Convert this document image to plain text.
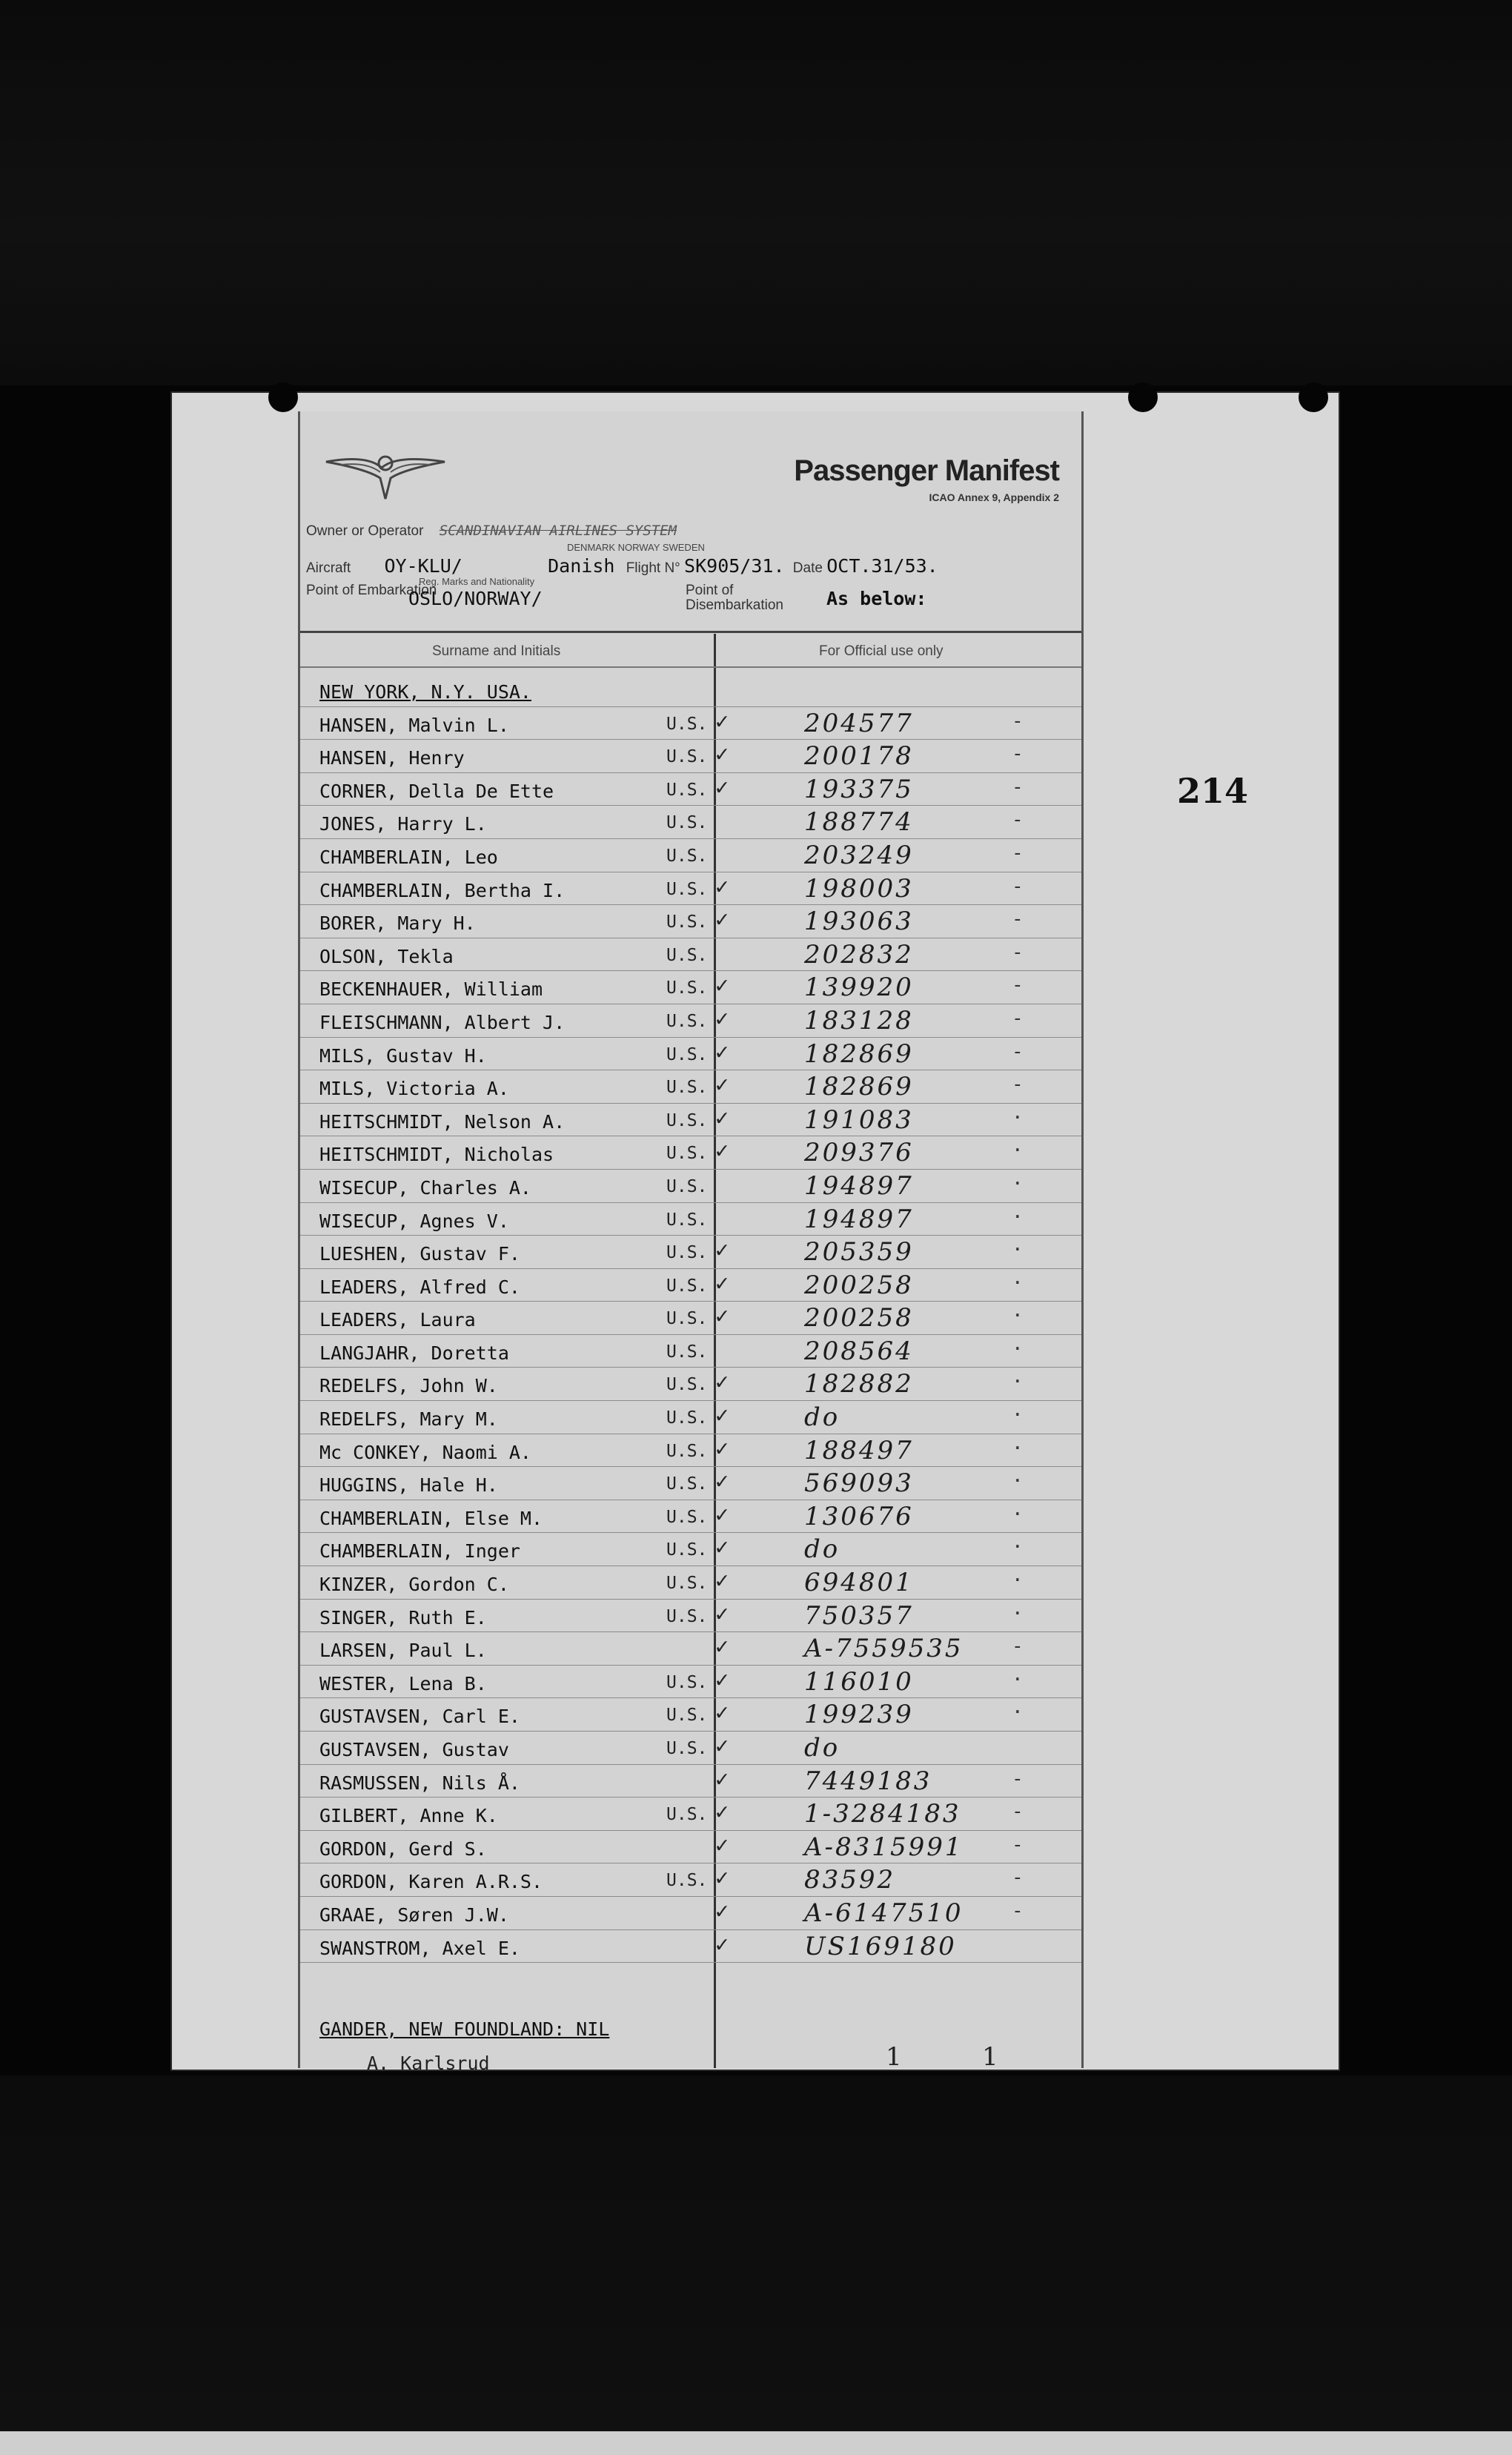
214
Passenger Manifest
ICAO Annex 9, Appendix 2
Owner or Operator SCANDINAVIAN AIRLINES SYSTEM
DENMARK NORWAY SWEDEN
Aircraft OY-KLU/	Danish Flight N° SK905/31. Date OCT.31/53.
Reg. Marks and Nationality
Point of Embarkation
OSLO/NORWAY/	Point of Disembarkation	As below:
Surname and Initials	For Official use only
NEW YORK, N.Y. USA.
HANSEN, Malvin L.	U.S. ✓	204577	-
HANSEN, Henry	U.S. ✓	200178	-
CORNER, Della De Ette	U.S. ✓	193375	-
JONES, Harry L.	U.S.	188774	-
CHAMBERLAIN, Leo	U.S.	203249	-
CHAMBERLAIN, Bertha I.	U.S. ✓	198003	-
BORER, Mary H.	U.S. ✓	193063	-
OLSON, Tekla	U.S.	202832	-
BECKENHAUER, William	U.S. ✓	139920	-
FLEISCHMANN, Albert J.	U.S. ✓	183128	-
MILS, Gustav H.	U.S. ✓	182869	-
MILS, Victoria A.	U.S. ✓	182869	-
HEITSCHMIDT, Nelson A.	U.S. ✓	191083	·
HEITSCHMIDT, Nicholas	U.S. ✓	209376	·
WISECUP, Charles A.	U.S.	194897	·
WISECUP, Agnes V.	U.S.	194897	·
LUESHEN, Gustav F.	U.S. ✓	205359	·
LEADERS, Alfred C.	U.S. ✓	200258	·
LEADERS, Laura	U.S. ✓	200258	·
LANGJAHR, Doretta	U.S.	208564	·
REDELFS, John W.	U.S. ✓	182882	·
REDELFS, Mary M.	U.S. ✓	do	·
Mc CONKEY, Naomi A.	U.S. ✓	188497	·
HUGGINS, Hale H.	U.S. ✓	569093	·
CHAMBERLAIN, Else M.	U.S. ✓	130676	·
CHAMBERLAIN, Inger	U.S. ✓	do	·
KINZER, Gordon C.	U.S. ✓	694801	·
SINGER, Ruth E.	U.S. ✓	750357	·
LARSEN, Paul L.	✓	A-7559535	-
WESTER, Lena B.	U.S. ✓	116010	·
GUSTAVSEN, Carl E.	U.S. ✓	199239	·
GUSTAVSEN, Gustav	U.S. ✓	do
RASMUSSEN, Nils Å.	✓	7449183	-
GILBERT, Anne K.	U.S. ✓	1-3284183	-
GORDON, Gerd S.	✓	A-8315991	-
GORDON, Karen A.R.S.	U.S. ✓	83592	-
GRAAE, Søren J.W.	✓	A-6147510	-
SWANSTROM, Axel E.	✓	US169180
GANDER, NEW FOUNDLAND: NIL
A. Karlsrud	1	1
